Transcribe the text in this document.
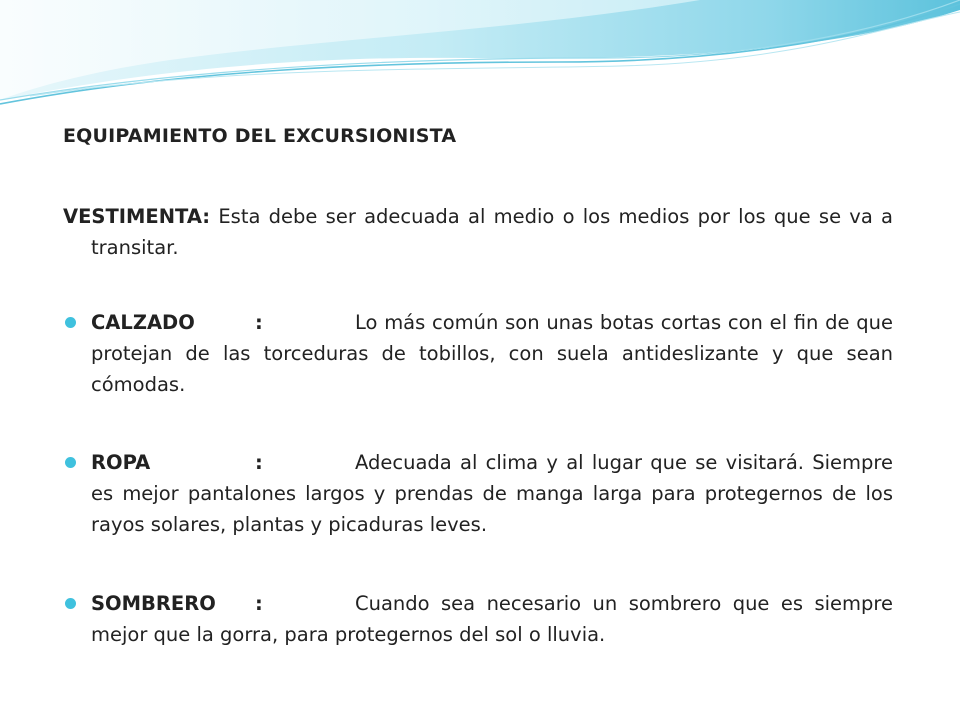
EQUIPAMIENTO DEL EXCURSIONISTA
VESTIMENTA: Esta debe ser adecuada al medio o los medios por los que se va a transitar.
CALZADO	:	Lo más común son unas botas cortas con el fin de que protejan de las torceduras de tobillos, con suela antideslizante y que sean cómodas.
ROPA	:	Adecuada al clima y al lugar que se visitará. Siempre es mejor pantalones largos y prendas de manga larga para protegernos de los rayos solares, plantas y picaduras leves.
SOMBRERO :	Cuando sea necesario un sombrero que es siempre mejor que la gorra, para protegernos del sol o lluvia.
